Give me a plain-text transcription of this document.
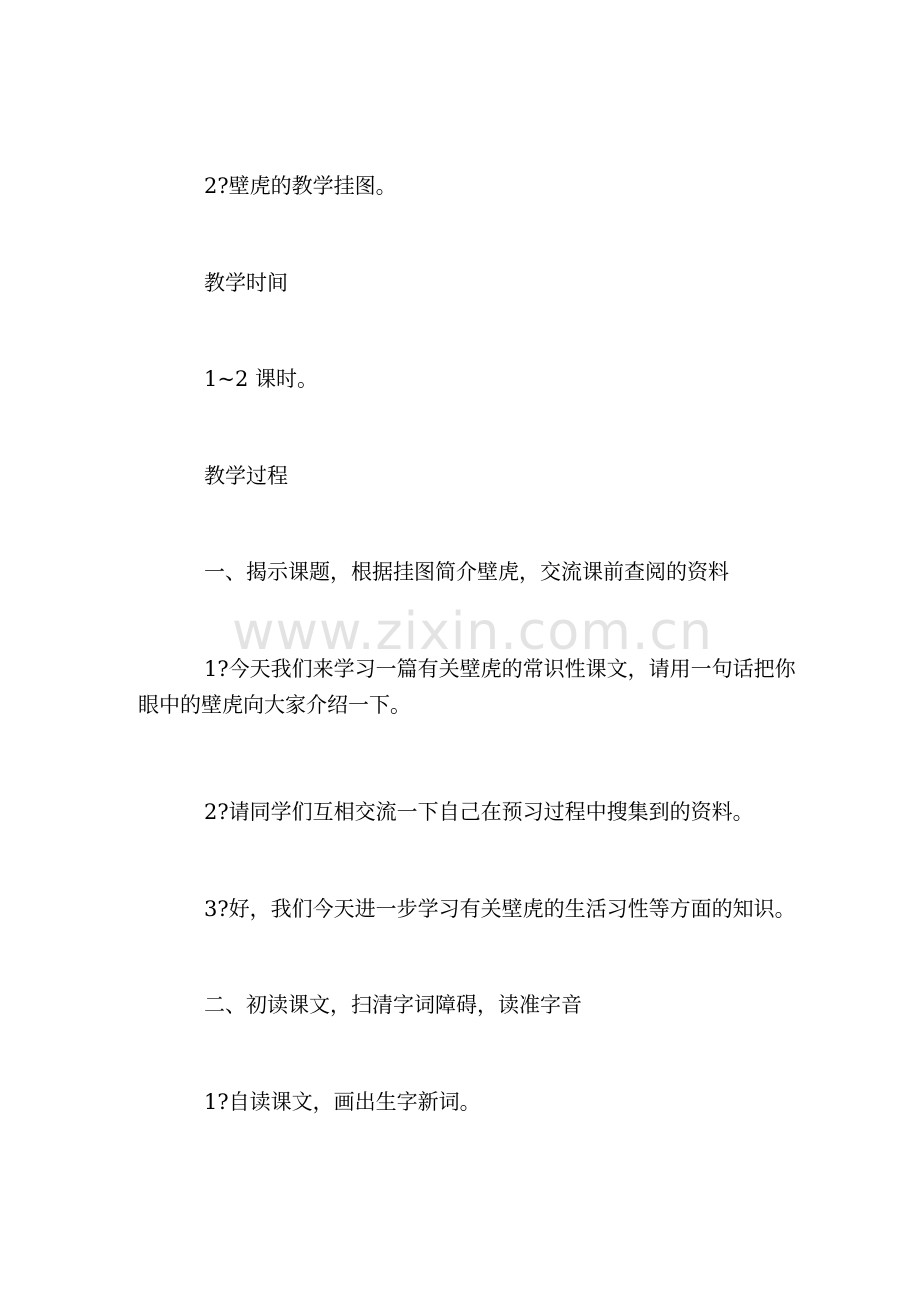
2?壁虎的教学挂图。

教学时间

1~2 课时。

教学过程

一、揭示课题，根据挂图简介壁虎，交流课前查阅的资料

1?今天我们来学习一篇有关壁虎的常识性课文，请用一句话把你眼中的壁虎向大家介绍一下。

2?请同学们互相交流一下自己在预习过程中搜集到的资料。

3?好，我们今天进一步学习有关壁虎的生活习性等方面的知识。

二、初读课文，扫清字词障碍，读准字音

1?自读课文，画出生字新词。

www.zixin.com.cn
